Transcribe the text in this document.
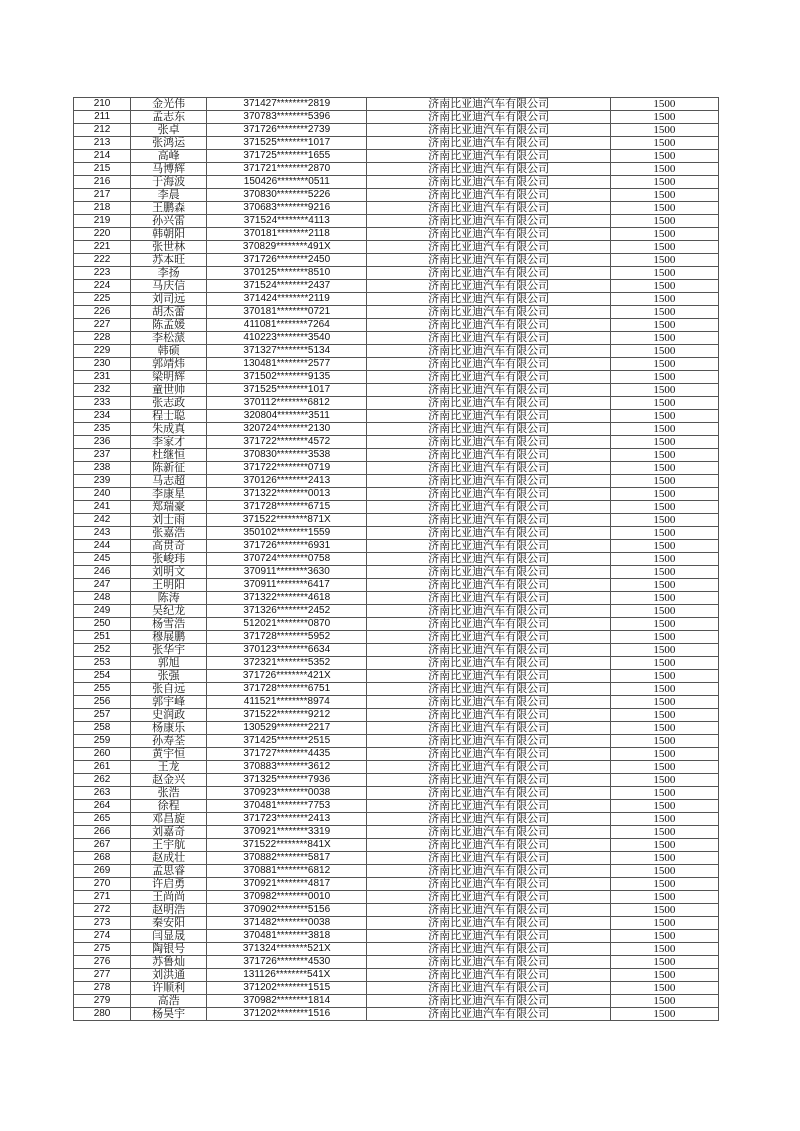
210	金光伟	371427********2819	济南比亚迪汽车有限公司	1500
211	孟志东	370783********5396	济南比亚迪汽车有限公司	1500
212	张卓	371726********2739	济南比亚迪汽车有限公司	1500
213	张鸿运	371525********1017	济南比亚迪汽车有限公司	1500
214	高峰	371725********1655	济南比亚迪汽车有限公司	1500
215	马博辉	371721********2870	济南比亚迪汽车有限公司	1500
216	于海波	150426********0511	济南比亚迪汽车有限公司	1500
217	李晨	370830********5226	济南比亚迪汽车有限公司	1500
218	王鹏森	370683********9216	济南比亚迪汽车有限公司	1500
219	孙兴雷	371524********4113	济南比亚迪汽车有限公司	1500
220	韩朝阳	370181********2118	济南比亚迪汽车有限公司	1500
221	张世林	370829********491X	济南比亚迪汽车有限公司	1500
222	苏本旺	371726********2450	济南比亚迪汽车有限公司	1500
223	李扬	370125********8510	济南比亚迪汽车有限公司	1500
224	马庆信	371524********2437	济南比亚迪汽车有限公司	1500
225	刘司远	371424********2119	济南比亚迪汽车有限公司	1500
226	胡杰蕾	370181********0721	济南比亚迪汽车有限公司	1500
227	陈孟媛	411081********7264	济南比亚迪汽车有限公司	1500
228	李松蒎	410223********3540	济南比亚迪汽车有限公司	1500
229	韩硕	371327********5134	济南比亚迪汽车有限公司	1500
230	郭靖炜	130481********2577	济南比亚迪汽车有限公司	1500
231	梁明辉	371502********9135	济南比亚迪汽车有限公司	1500
232	童世帅	371525********1017	济南比亚迪汽车有限公司	1500
233	张志政	370112********6812	济南比亚迪汽车有限公司	1500
234	程士聪	320804********3511	济南比亚迪汽车有限公司	1500
235	朱成真	320724********2130	济南比亚迪汽车有限公司	1500
236	李家才	371722********4572	济南比亚迪汽车有限公司	1500
237	杜继恒	370830********3538	济南比亚迪汽车有限公司	1500
238	陈新征	371722********0719	济南比亚迪汽车有限公司	1500
239	马志超	370126********2413	济南比亚迪汽车有限公司	1500
240	李康星	371322********0013	济南比亚迪汽车有限公司	1500
241	郑瑞豪	371728********6715	济南比亚迪汽车有限公司	1500
242	刘士雨	371522********871X	济南比亚迪汽车有限公司	1500
243	张嘉浩	350102********1559	济南比亚迪汽车有限公司	1500
244	高贯奇	371726********6931	济南比亚迪汽车有限公司	1500
245	张峻玮	370724********0758	济南比亚迪汽车有限公司	1500
246	刘明文	370911********3630	济南比亚迪汽车有限公司	1500
247	王明阳	370911********6417	济南比亚迪汽车有限公司	1500
248	陈涛	371322********4618	济南比亚迪汽车有限公司	1500
249	吴纪龙	371326********2452	济南比亚迪汽车有限公司	1500
250	杨雪浩	512021********0870	济南比亚迪汽车有限公司	1500
251	穆展鹏	371728********5952	济南比亚迪汽车有限公司	1500
252	张华宇	370123********6634	济南比亚迪汽车有限公司	1500
253	郭旭	372321********5352	济南比亚迪汽车有限公司	1500
254	张强	371726********421X	济南比亚迪汽车有限公司	1500
255	张自远	371728********6751	济南比亚迪汽车有限公司	1500
256	郭宇峰	411521********8974	济南比亚迪汽车有限公司	1500
257	史润政	371522********9212	济南比亚迪汽车有限公司	1500
258	杨康乐	130529********2217	济南比亚迪汽车有限公司	1500
259	孙寿荃	371425********2515	济南比亚迪汽车有限公司	1500
260	黄宇恒	371727********4435	济南比亚迪汽车有限公司	1500
261	王龙	370883********3612	济南比亚迪汽车有限公司	1500
262	赵金兴	371325********7936	济南比亚迪汽车有限公司	1500
263	张浩	370923********0038	济南比亚迪汽车有限公司	1500
264	徐程	370481********7753	济南比亚迪汽车有限公司	1500
265	邓昌旋	371723********2413	济南比亚迪汽车有限公司	1500
266	刘嘉奇	370921********3319	济南比亚迪汽车有限公司	1500
267	王宇航	371522********841X	济南比亚迪汽车有限公司	1500
268	赵成壮	370882********5817	济南比亚迪汽车有限公司	1500
269	孟思睿	370881********6812	济南比亚迪汽车有限公司	1500
270	许启勇	370921********4817	济南比亚迪汽车有限公司	1500
271	王尚尚	370982********0010	济南比亚迪汽车有限公司	1500
272	赵明浩	370902********5156	济南比亚迪汽车有限公司	1500
273	秦安阳	371482********0038	济南比亚迪汽车有限公司	1500
274	闫显晟	370481********3818	济南比亚迪汽车有限公司	1500
275	陶银号	371324********521X	济南比亚迪汽车有限公司	1500
276	苏鲁灿	371726********4530	济南比亚迪汽车有限公司	1500
277	刘洪通	131126********541X	济南比亚迪汽车有限公司	1500
278	许顺利	371202********1515	济南比亚迪汽车有限公司	1500
279	高浩	370982********1814	济南比亚迪汽车有限公司	1500
280	杨昊宇	371202********1516	济南比亚迪汽车有限公司	1500
